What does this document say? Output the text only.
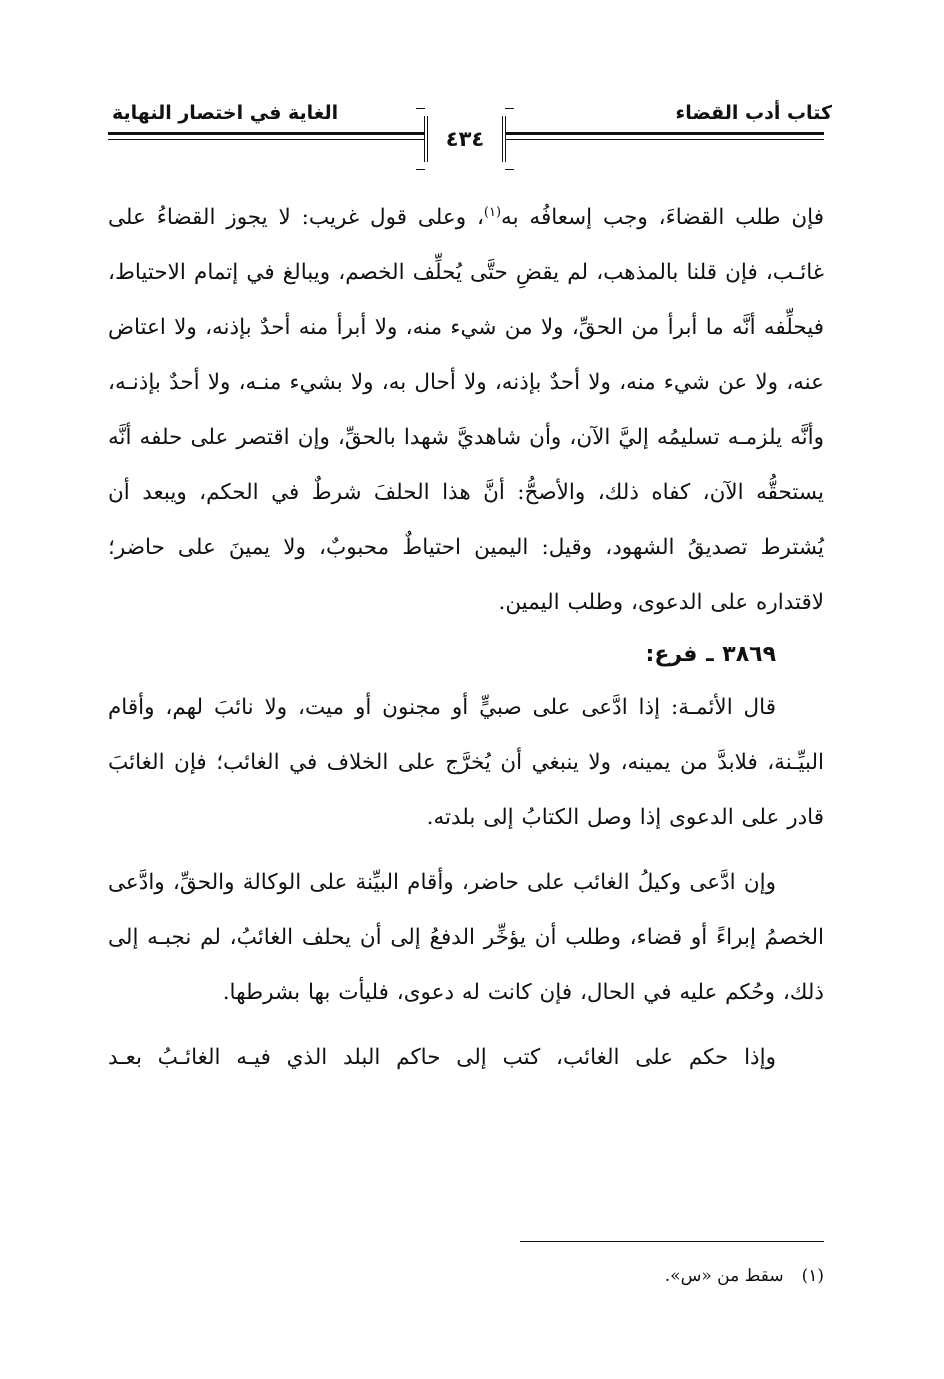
كتاب أدب القضاء
الغاية في اختصار النهاية
٤٣٤

فإن طلب القضاءَ، وجب إسعافُه به$^{(١)}$، وعلى قول غريب: لا يجوز القضاءُ على غائـب، فإن قلنا بالمذهب، لم يقضِ حتَّى يُحلِّف الخصم، ويبالغ في إتمام الاحتياط، فيحلِّفه أنَّه ما أبرأ من الحقِّ، ولا من شيء منه، ولا أبرأ منه أحدٌ بإذنه، ولا اعتاض عنه، ولا عن شيء منه، ولا أحدٌ بإذنه، ولا أحال به، ولا بشيء منـه، ولا أحدٌ بإذنـه، وأنَّه يلزمـه تسليمُه إليَّ الآن، وأن شاهديَّ شهدا بالحقِّ، وإن اقتصر على حلفه أنَّه يستحقُّه الآن، كفاه ذلك، والأصحُّ: أنَّ هذا الحلفَ شرطٌ في الحكم، ويبعد أن يُشترط تصديقُ الشهود، وقيل: اليمين احتياطٌ محبوبٌ، ولا يمينَ على حاضر؛ لاقتداره على الدعوى، وطلب اليمين.

٣٨٦٩ ـ فرع:

قال الأئمـة: إذا ادَّعى على صبيٍّ أو مجنون أو ميت، ولا نائبَ لهم، وأقام البيِّـنة، فلابدَّ من يمينه، ولا ينبغي أن يُخرَّج على الخلاف في الغائب؛ فإن الغائبَ قادر على الدعوى إذا وصل الكتابُ إلى بلدته.

وإن ادَّعى وكيلُ الغائب على حاضر، وأقام البيِّنة على الوكالة والحقِّ، وادَّعى الخصمُ إبراءً أو قضاء، وطلب أن يؤخِّر الدفعُ إلى أن يحلف الغائبُ، لم نجبـه إلى ذلك، وحُكم عليه في الحال، فإن كانت له دعوى، فليأت بها بشرطها.

وإذا حكم على الغائب، كتب إلى حاكم البلد الذي فيـه الغائـبُ بعـد

(١)سقط من «س».
